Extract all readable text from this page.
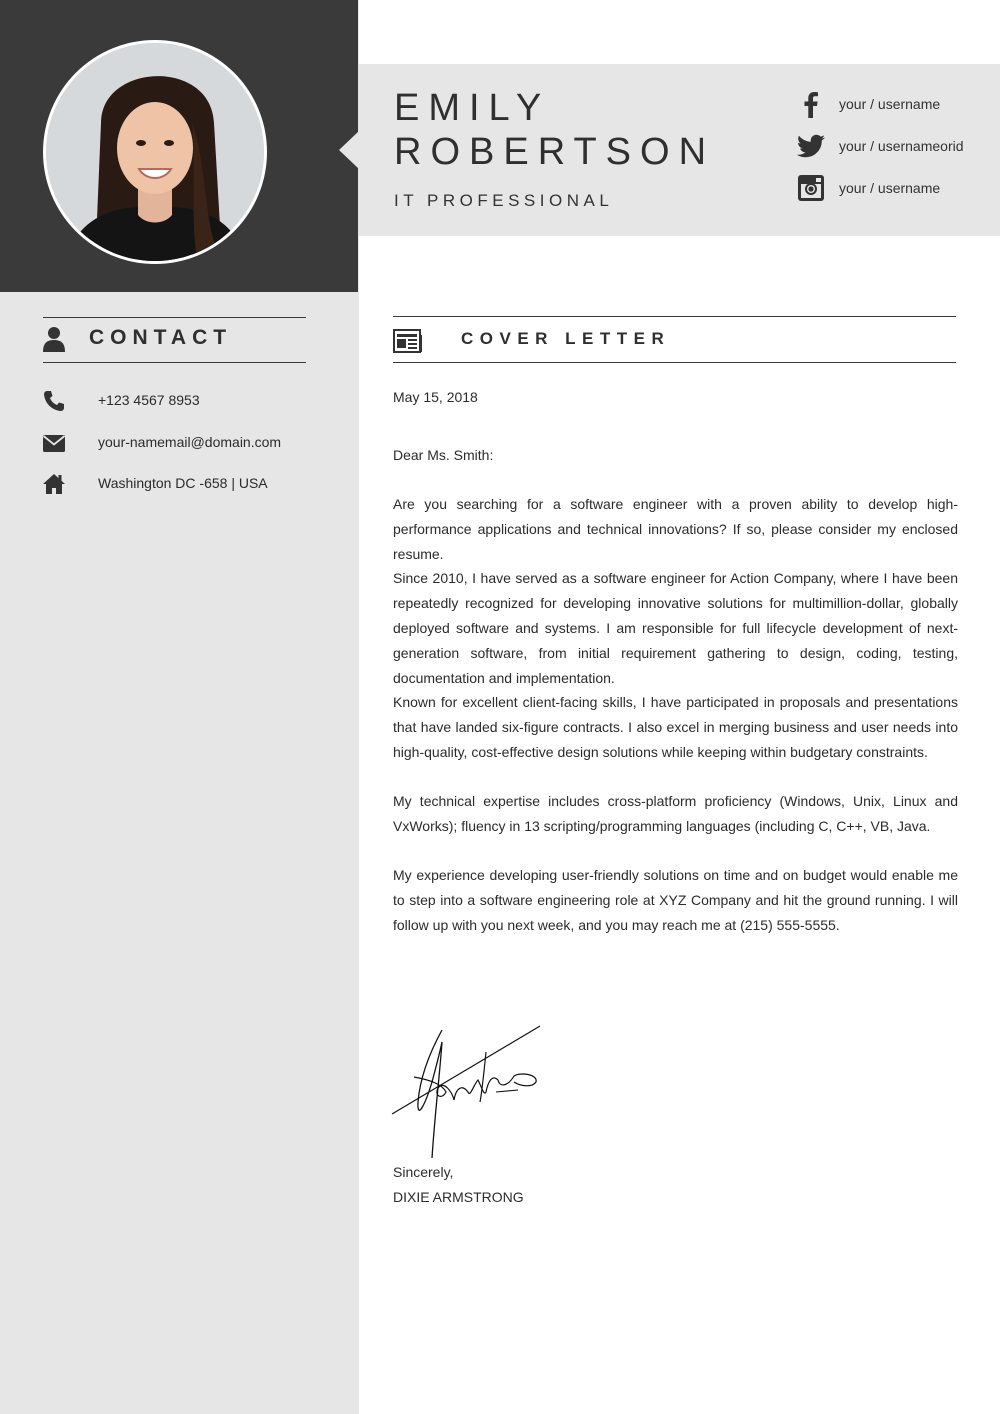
EMILY
ROBERTSON
IT PROFESSIONAL
your / username
your / usernameorid
your / username
CONTACT
+123 4567 8953
your-namemail@domain.com
Washington DC -658 | USA
COVER LETTER
May 15, 2018
Dear Ms. Smith:

Are you searching for a software engineer with a proven ability to develop high-performance applications and technical innovations? If so, please consider my enclosed resume.

Since 2010, I have served as a software engineer for Action Company, where I have been repeatedly recognized for developing innovative solutions for multimillion-dollar, globally deployed software and systems. I am responsible for full lifecycle development of next-generation software, from initial requirement gathering to design, coding, testing, documentation and implementation.

Known for excellent client-facing skills, I have participated in proposals and presentations that have landed six-figure contracts. I also excel in merging business and user needs into high-quality, cost-effective design solutions while keeping within budgetary constraints.

My technical expertise includes cross-platform proficiency (Windows, Unix, Linux and VxWorks); fluency in 13 scripting/programming languages (including C, C++, VB, Java.

My experience developing user-friendly solutions on time and on budget would enable me to step into a software engineering role at XYZ Company and hit the ground running. I will follow up with you next week, and you may reach me at (215) 555-5555.

Sincerely,
DIXIE ARMSTRONG
